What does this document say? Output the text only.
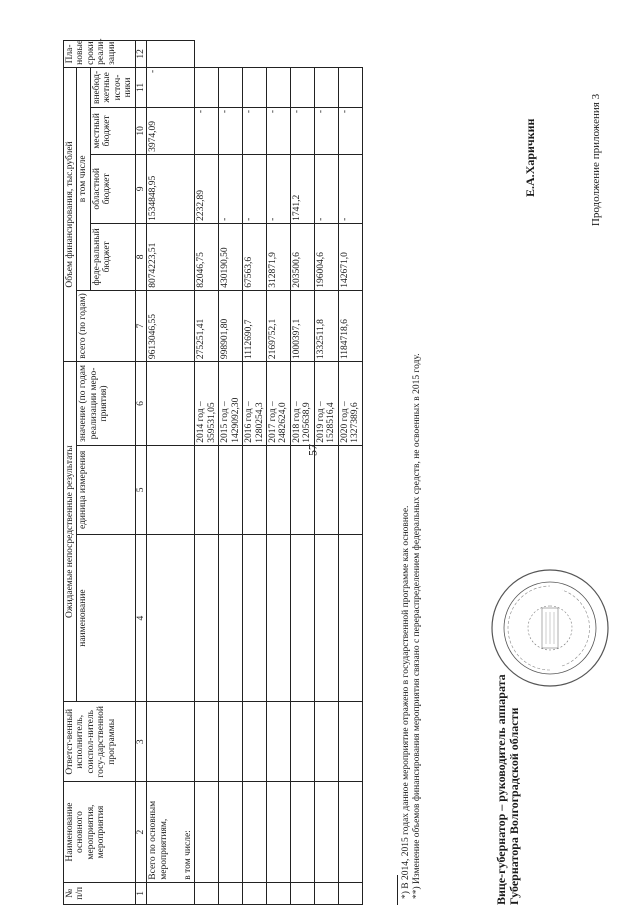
57
Продолжение приложения 3
№ п/п	Наименование основного мероприятия, мероприятия	Ответст-венный исполнитель, соиспол-нитель госу-дарственной программы	Ожидаемые непосредственные результаты			Объем финансирования, тыс.рублей					Пла-новые сроки реали-зации
			наименование	единица измерения	значение (по годам реализации меро-приятия)	всего (по годам)	в том числе				
							феде-ральный бюджет	областной бюджет	местный бюджет	внебюд-жетные источ-ники	
1	2	3	4	5	6	7	8	9	10	11	12

	Всего по основным мероприятиям, в том числе:					9613046,55	8074223,51	1534848,95	3974,09	-	
					2014 год – 359531,05	275251,41	82046,75	2232,89	-		
					2015 год – 1429092,30	998901,80	430190,50	-	-		
					2016 год – 1280254,3	1112690,7	67563,6	-	-		
					2017 год – 2482624,0	2169752,1	312871,9	-	-		
					2018 год – 1205638,9	1000397,1	203500,6	1741,2	-		
					2019 год – 1528516,4	1332511,8	196004,6	-	-		
					2020 год – 1327389,6	1184718,6	142671,0	-	-		
*) В 2014, 2015 годах данное мероприятие отражено в государственной программе как основное. **) Изменение объемов финансирования мероприятия связано с перераспределением федеральных средств, не освоенных в 2015 году.	Вице-губернатор – руководитель аппарата Губернатора Волгоградской области
Е.А.Харичкин
